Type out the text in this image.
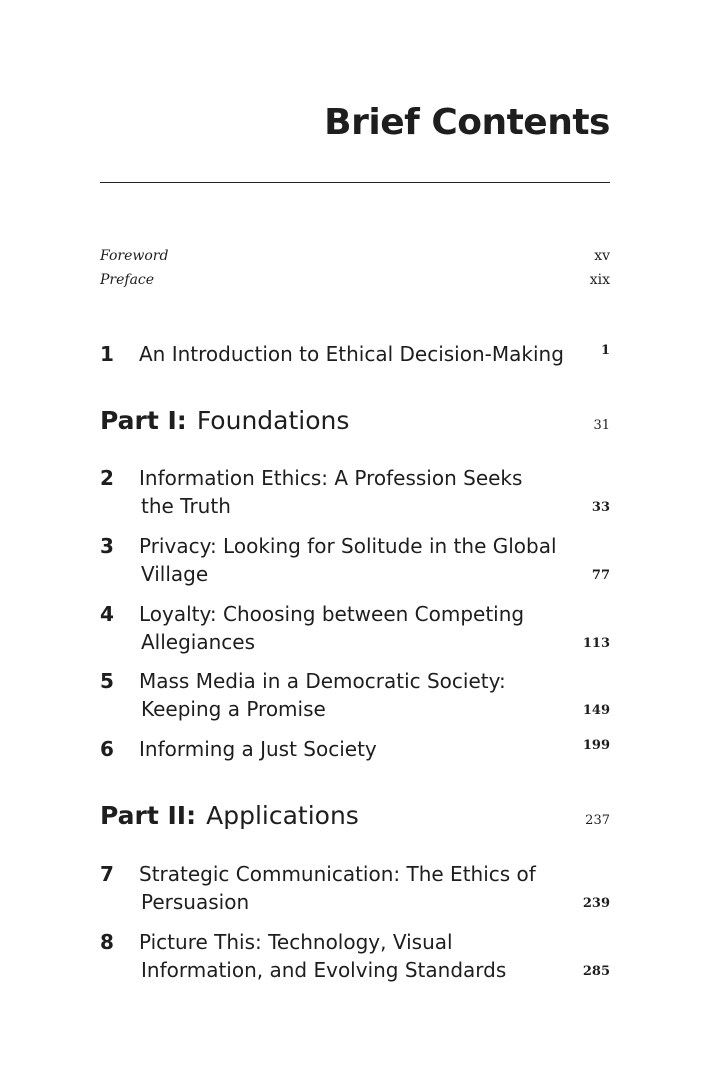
Brief Contents
Foreword	xv
Preface	xix
1 An Introduction to Ethical Decision-Making	1
Part I: Foundations	31
2 Information Ethics: A Profession Seeks
the Truth	33
3 Privacy: Looking for Solitude in the Global
Village	77
4 Loyalty: Choosing between Competing
Allegiances	113
5 Mass Media in a Democratic Society:
Keeping a Promise	149
6 Informing a Just Society	199
Part II: Applications	237
7 Strategic Communication: The Ethics of
Persuasion	239
8 Picture This: Technology, Visual
Information, and Evolving Standards	285
